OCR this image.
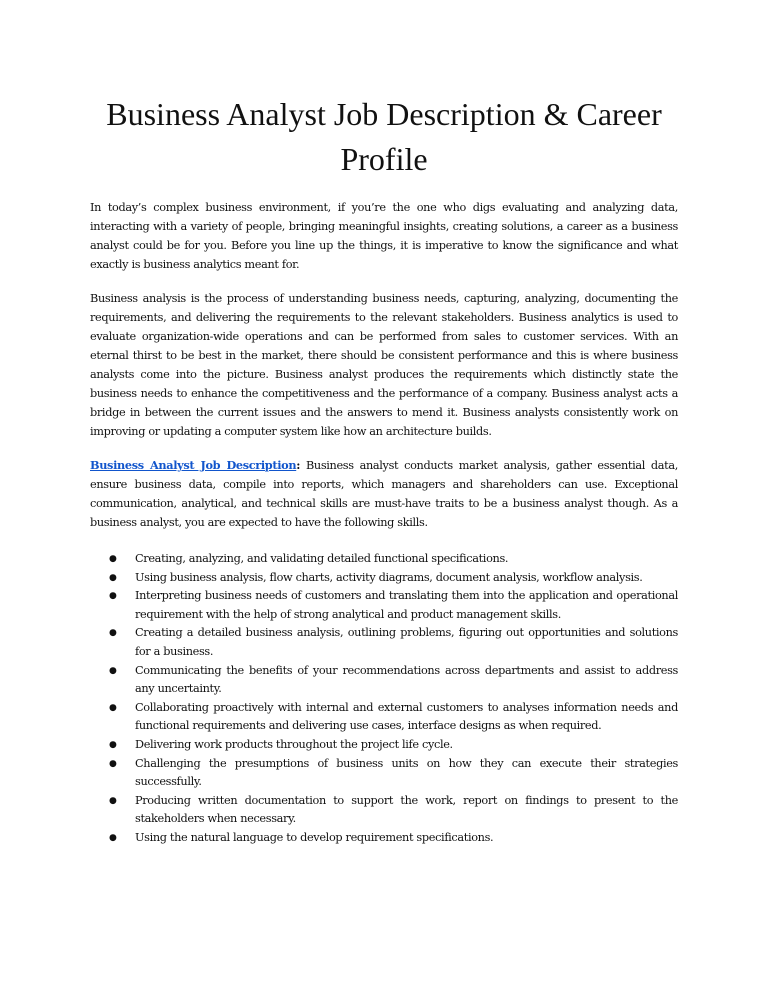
Business Analyst Job Description & Career Profile

In today’s complex business environment, if you’re the one who digs evaluating and analyzing data, interacting with a variety of people, bringing meaningful insights, creating solutions, a career as a business analyst could be for you. Before you line up the things, it is imperative to know the significance and what exactly is business analytics meant for.

Business analysis is the process of understanding business needs, capturing, analyzing, documenting the requirements, and delivering the requirements to the relevant stakeholders. Business analytics is used to evaluate organization-wide operations and can be performed from sales to customer services. With an eternal thirst to be best in the market, there should be consistent performance and this is where business analysts come into the picture. Business analyst produces the requirements which distinctly state the business needs to enhance the competitiveness and the performance of a company. Business analyst acts a bridge in between the current issues and the answers to mend it. Business analysts consistently work on improving or updating a computer system like how an architecture builds.

Business Analyst Job Description: Business analyst conducts market analysis, gather essential data, ensure business data, compile into reports, which managers and shareholders can use. Exceptional communication, analytical, and technical skills are must-have traits to be a business analyst though. As a business analyst, you are expected to have the following skills.

● Creating, analyzing, and validating detailed functional specifications.
● Using business analysis, flow charts, activity diagrams, document analysis, workflow analysis.
● Interpreting business needs of customers and translating them into the application and operational requirement with the help of strong analytical and product management skills.
● Creating a detailed business analysis, outlining problems, figuring out opportunities and solutions for a business.
● Communicating the benefits of your recommendations across departments and assist to address any uncertainty.
● Collaborating proactively with internal and external customers to analyses information needs and functional requirements and delivering use cases, interface designs as when required.
● Delivering work products throughout the project life cycle.
● Challenging the presumptions of business units on how they can execute their strategies successfully.
● Producing written documentation to support the work, report on findings to present to the stakeholders when necessary.
● Using the natural language to develop requirement specifications.
